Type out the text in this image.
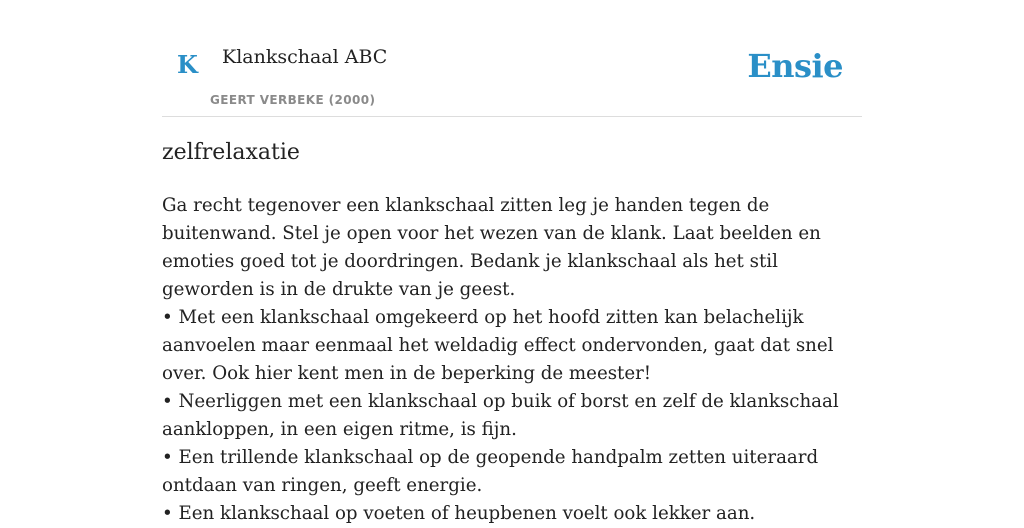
K Klankschaal ABC
GEERT VERBEKE (2000)
Ensie
zelfrelaxatie

Ga recht tegenover een klankschaal zitten leg je handen tegen de buitenwand. Stel je open voor het wezen van de klank. Laat beelden en emoties goed tot je doordringen. Bedank je klankschaal als het stil geworden is in de drukte van je geest.

• Met een klankschaal omgekeerd op het hoofd zitten kan belachelijk aanvoelen maar eenmaal het weldadig effect ondervonden, gaat dat snel over. Ook hier kent men in de beperking de meester!

• Neerliggen met een klankschaal op buik of borst en zelf de klankschaal aankloppen, in een eigen ritme, is fijn.

• Een trillende klankschaal op de geopende handpalm zetten uiteraard ontdaan van ringen, geeft energie.

• Een klankschaal op voeten of heupbenen voelt ook lekker aan.
